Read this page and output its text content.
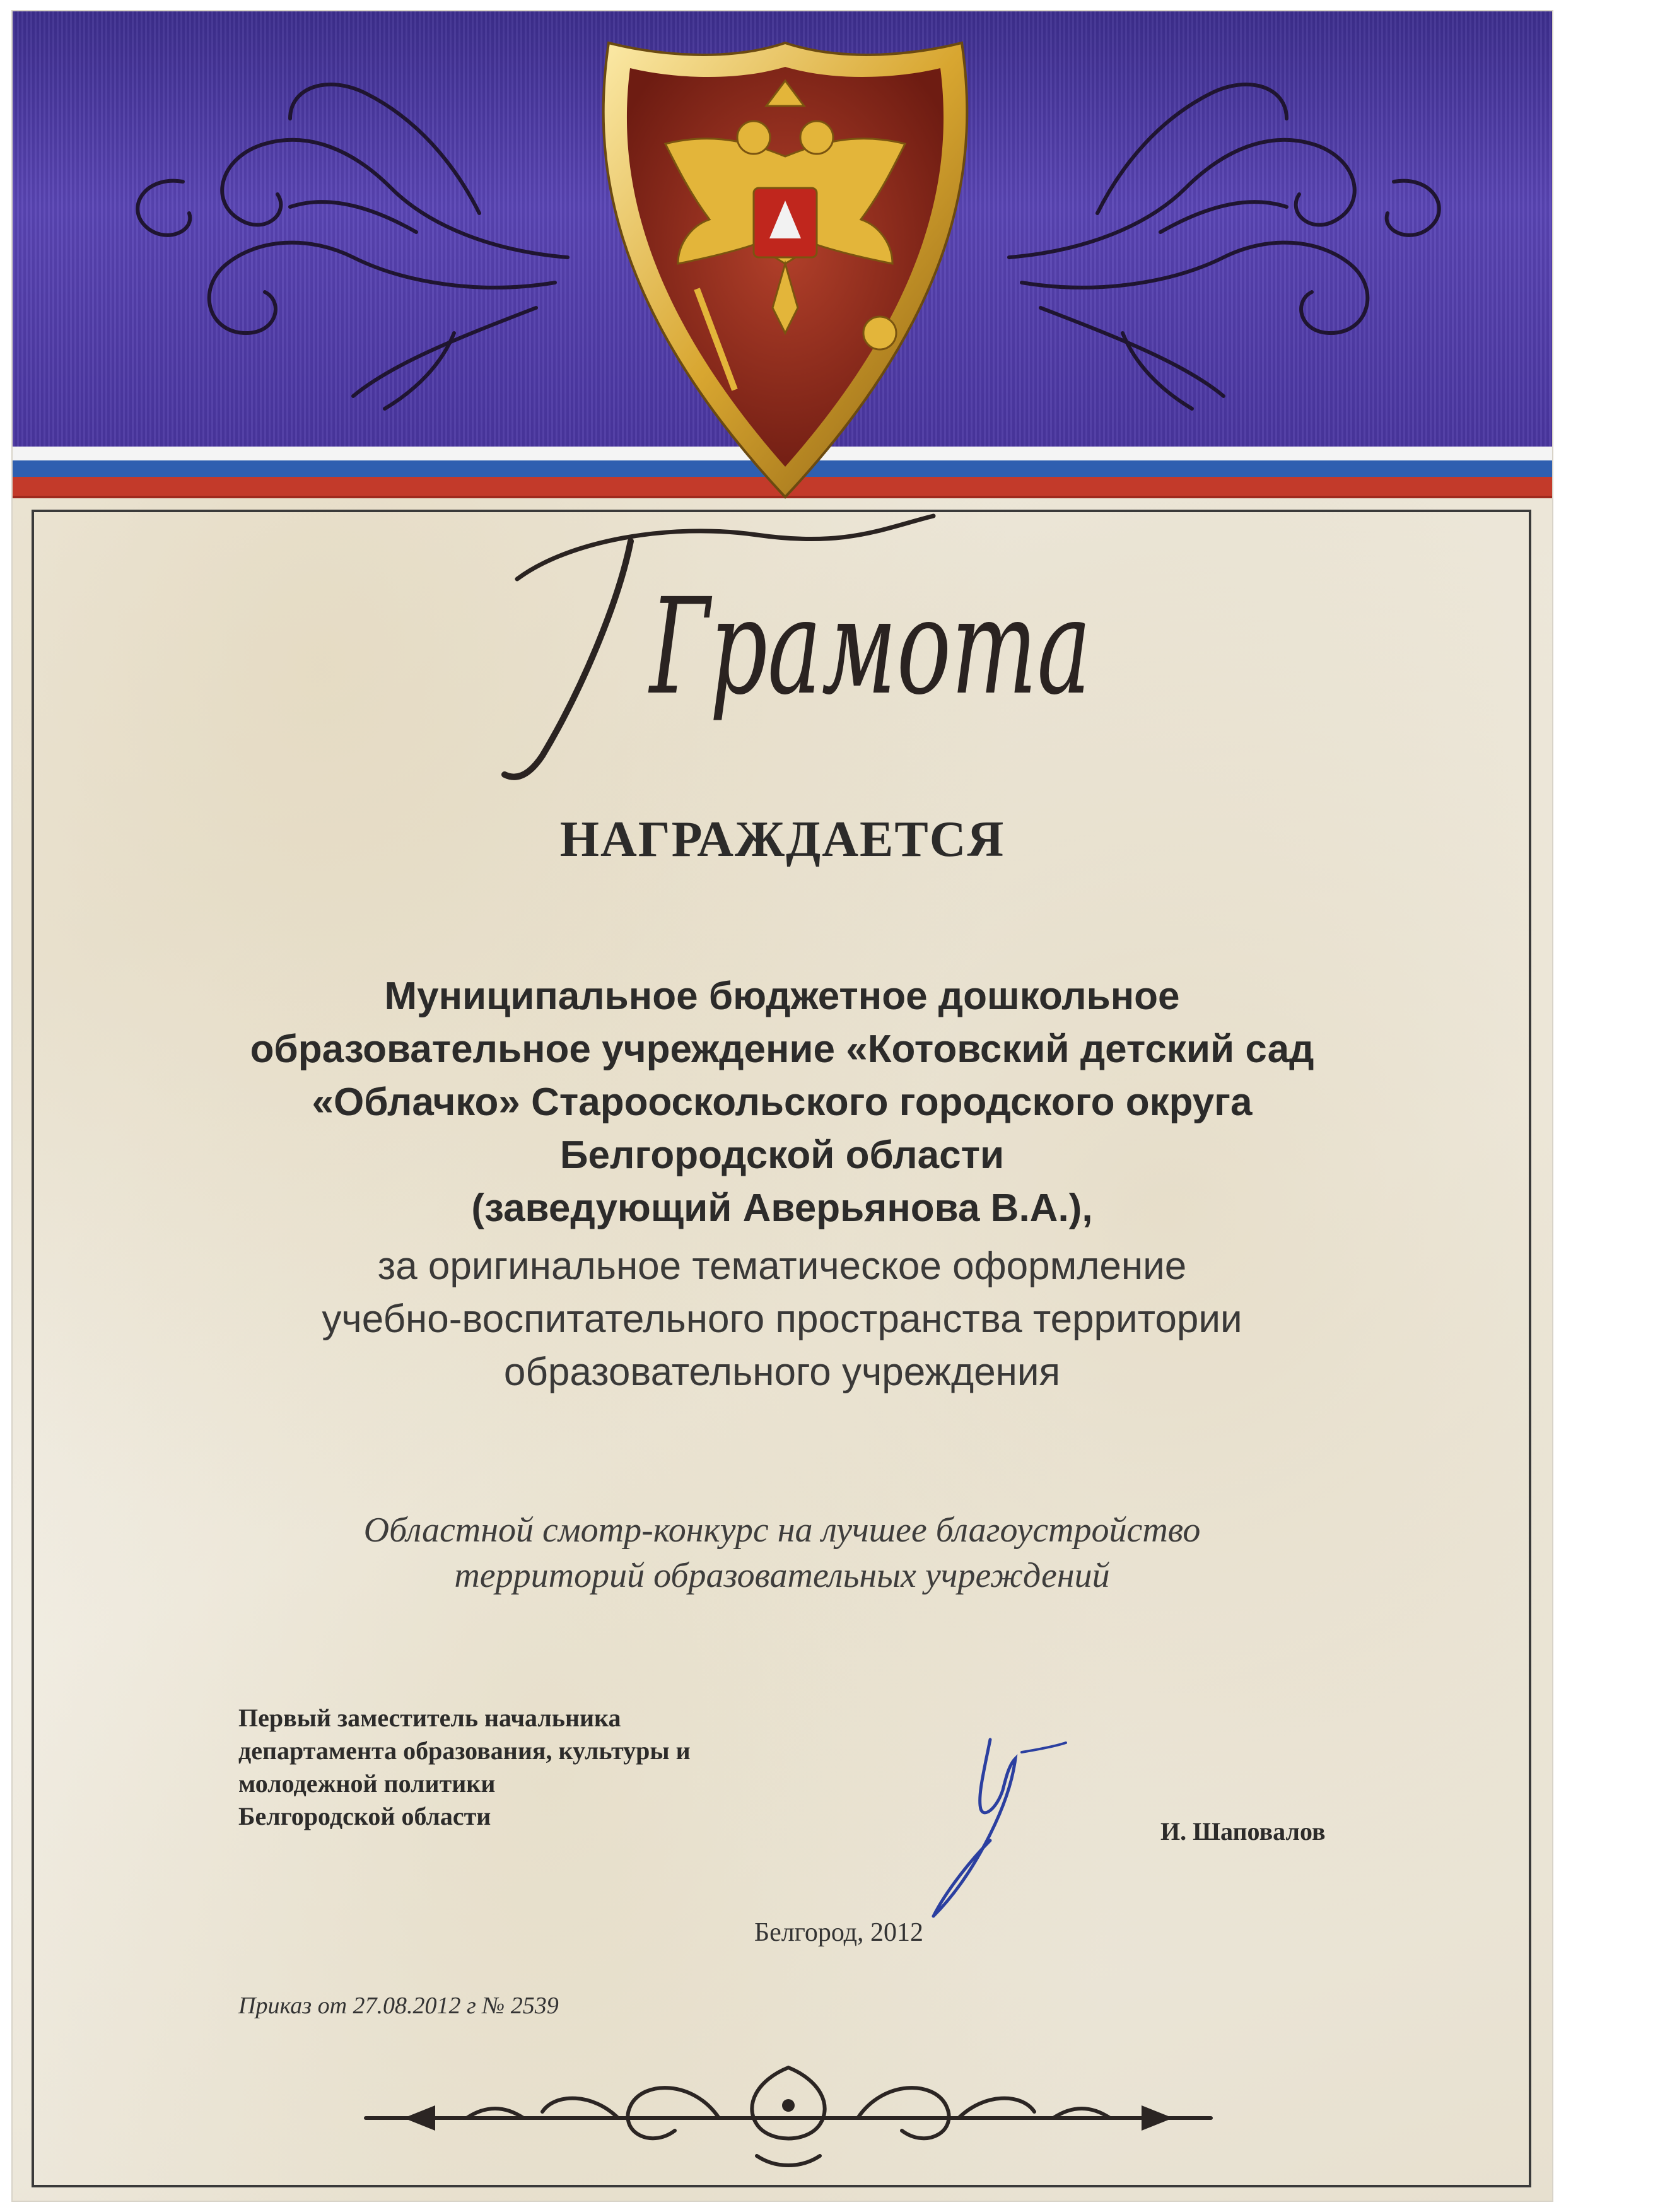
Грамота
НАГРАЖДАЕТСЯ
Муниципальное бюджетное дошкольное
образовательное учреждение «Котовский детский сад
«Облачко» Старооскольского городского округа
Белгородской области
(заведующий Аверьянова В.А.),
за оригинальное тематическое оформление
учебно-воспитательного пространства территории
образовательного учреждения
Областной смотр-конкурс на лучшее благоустройство
территорий образовательных учреждений
Первый заместитель начальника
департамента образования, культуры и
молодежной политики
Белгородской области
И. Шаповалов
Белгород, 2012
Приказ от 27.08.2012 г № 2539
